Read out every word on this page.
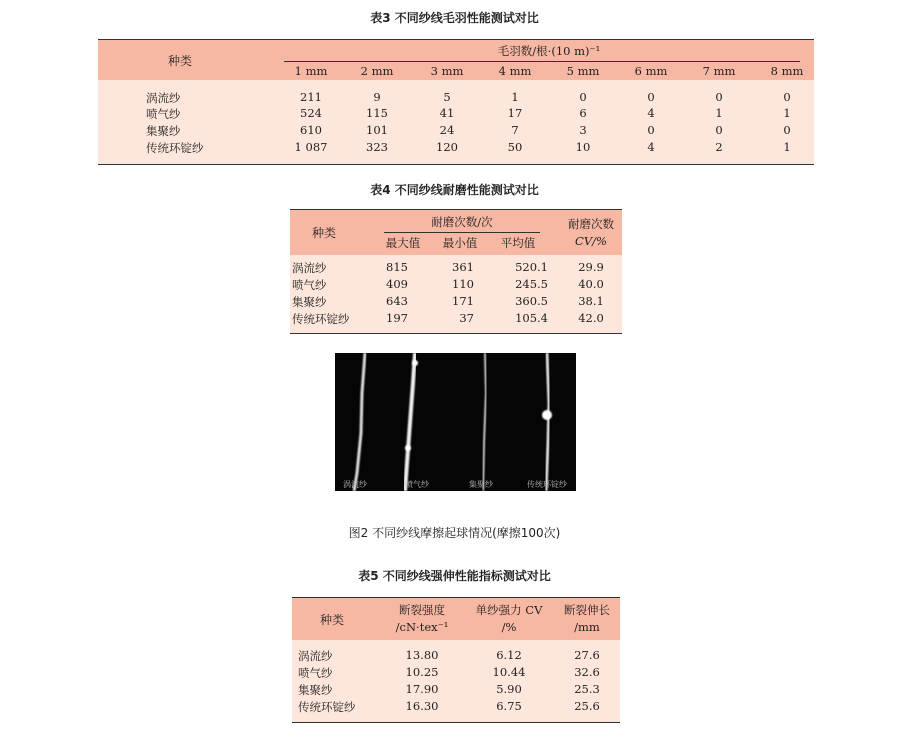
表3 不同纱线毛羽性能测试对比
种类
毛羽数/根·(10 m)⁻¹
1 mm	2 mm	3 mm	4 mm	5 mm	6 mm	7 mm	8 mm
涡流纱	211	9	5	1	0	0	0	0
喷气纱	524	115	41	17	6	4	1	1
集聚纱	610	101	24	7	3	0	0	0
传统环锭纱	1 087	323	120	50	10	4	2	1
表4 不同纱线耐磨性能测试对比
种类
耐磨次数/次
最大值	最小值	平均值
耐磨次数
CV/%
涡流纱	815	361	520.1	29.9
喷气纱	409	110	245.5	40.0
集聚纱	643	171	360.5	38.1
传统环锭纱	197	37	105.4	42.0
涡流纱	喷气纱	集聚纱	传统环锭纱
图2 不同纱线摩擦起球情况(摩擦100次)
表5 不同纱线强伸性能指标测试对比
种类
断裂强度	单纱强力 CV	断裂伸长
/cN·tex⁻¹	/%	/mm
涡流纱	13.80	6.12	27.6
喷气纱	10.25	10.44	32.6
集聚纱	17.90	5.90	25.3
传统环锭纱	16.30	6.75	25.6
